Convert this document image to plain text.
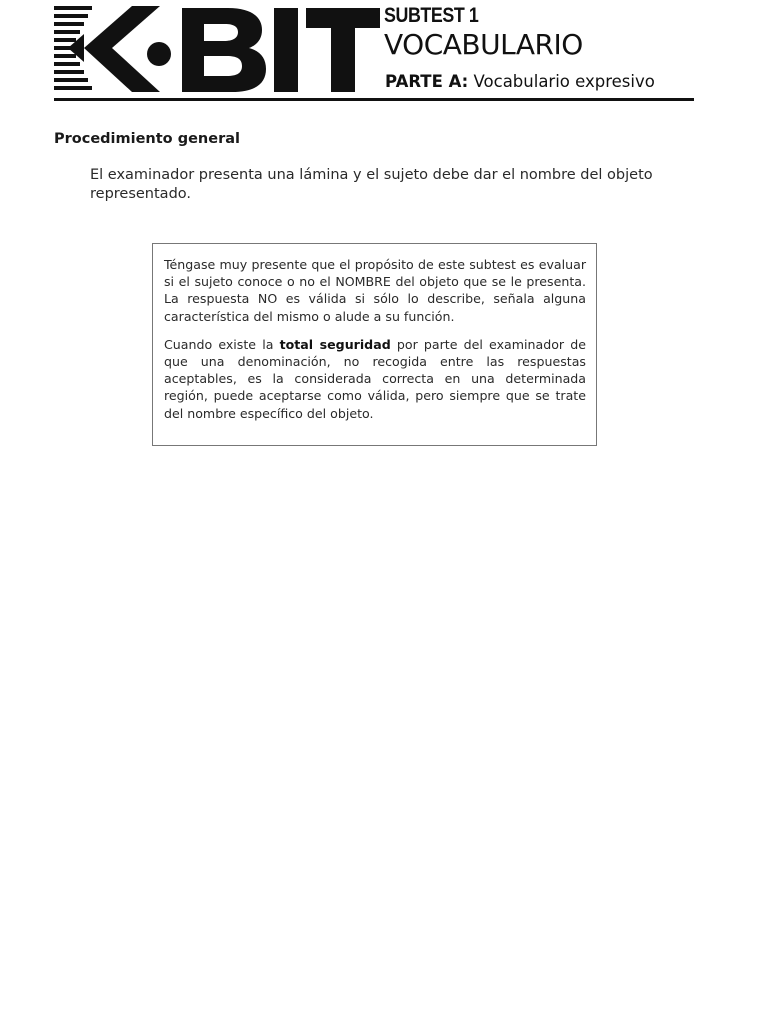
SUBTEST 1
VOCABULARIO
PARTE A: Vocabulario expresivo
Procedimiento general

El examinador presenta una lámina y el sujeto debe dar el nombre del objeto representado.

Téngase muy presente que el propósito de este subtest es evaluar si el sujeto conoce o no el NOMBRE del objeto que se le presenta. La respuesta NO es válida si sólo lo describe, señala alguna característica del mismo o alude a su función.

Cuando existe la total seguridad por parte del examinador de que una denominación, no recogida entre las respuestas aceptables, es la considerada correcta en una determinada región, puede aceptarse como válida, pero siempre que se trate del nombre específico del objeto.
